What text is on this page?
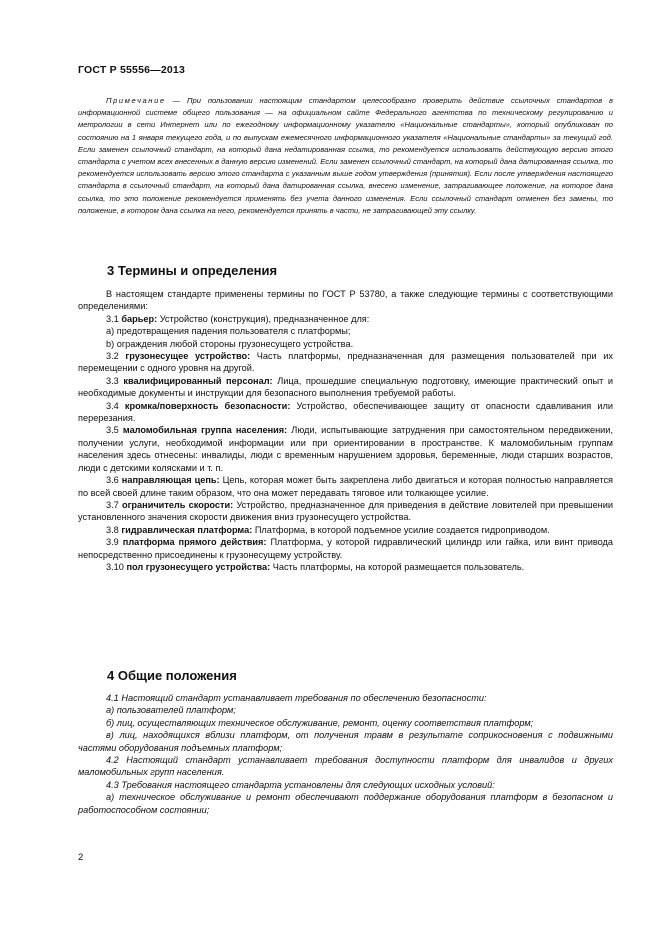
ГОСТ Р 55556—2013
Примечание — При пользовании настоящим стандартом целесообразно проверить действие ссылочных стандартов в информационной системе общего пользования — на официальном сайте Федерального агентства по техническому регулированию и метрологии в сети Интернет или по ежегодному информационному указателю «Национальные стандарты», который опубликован по состоянию на 1 января текущего года, и по выпускам ежемесячного информационного указателя «Национальные стандарты» за текущий год. Если заменен ссылочный стандарт, на который дана недатированная ссылка, то рекомендуется использовать действующую версию этого стандарта с учетом всех внесенных в данную версию изменений. Если заменен ссылочный стандарт, на который дана датированная ссылка, то рекомендуется использовать версию этого стандарта с указанным выше годом утверждения (принятия). Если после утверждения настоящего стандарта в ссылочный стандарт, на который дана датированная ссылка, внесено изменение, затрагивающее положение, на которое дана ссылка, то это положение рекомендуется применять без учета данного изменения. Если ссылочный стандарт отменен без замены, то положение, в котором дана ссылка на него, рекомендуется принять в части, не затрагивающей эту ссылку.
3 Термины и определения

В настоящем стандарте применены термины по ГОСТ Р 53780, а также следующие термины с соответствующими определениями:

3.1 барьер: Устройство (конструкция), предназначенное для:

а) предотвращения падения пользователя с платформы;

b) ограждения любой стороны грузонесущего устройства.

3.2 грузонесущее устройство: Часть платформы, предназначенная для размещения пользователей при их перемещении с одного уровня на другой.

3.3 квалифицированный персонал: Лица, прошедшие специальную подготовку, имеющие практический опыт и необходимые документы и инструкции для безопасного выполнения требуемой работы.

3.4 кромка/поверхность безопасности: Устройство, обеспечивающее защиту от опасности сдавливания или перерезания.

3.5 маломобильная группа населения: Люди, испытывающие затруднения при самостоятельном передвижении, получении услуги, необходимой информации или при ориентировании в пространстве. К маломобильным группам населения здесь отнесены: инвалиды, люди с временным нарушением здоровья, беременные, люди старших возрастов, люди с детскими колясками и т. п.

3.6 направляющая цепь: Цепь, которая может быть закреплена либо двигаться и которая полностью направляется по всей своей длине таким образом, что она может передавать тяговое или толкающее усилие.

3.7 ограничитель скорости: Устройство, предназначенное для приведения в действие ловителей при превышении установленного значения скорости движения вниз грузонесущего устройства.

3.8 гидравлическая платформа: Платформа, в которой подъемное усилие создается гидроприводом.

3.9 платформа прямого действия: Платформа, у которой гидравлический цилиндр или гайка, или винт привода непосредственно присоединены к грузонесущему устройству.

3.10 пол грузонесущего устройства: Часть платформы, на которой размещается пользователь.

4 Общие положения

4.1 Настоящий стандарт устанавливает требования по обеспечению безопасности:

а) пользователей платформ;

б) лиц, осуществляющих техническое обслуживание, ремонт, оценку соответствия платформ;

в) лиц, находящихся вблизи платформ, от получения травм в результате соприкосновения с подвижными частями оборудования подъемных платформ;

4.2 Настоящий стандарт устанавливает требования доступности платформ для инвалидов и других маломобильных групп населения.

4.3 Требования настоящего стандарта установлены для следующих исходных условий:

а) техническое обслуживание и ремонт обеспечивают поддержание оборудования платформ в безопасном и работоспособном состоянии;

2
